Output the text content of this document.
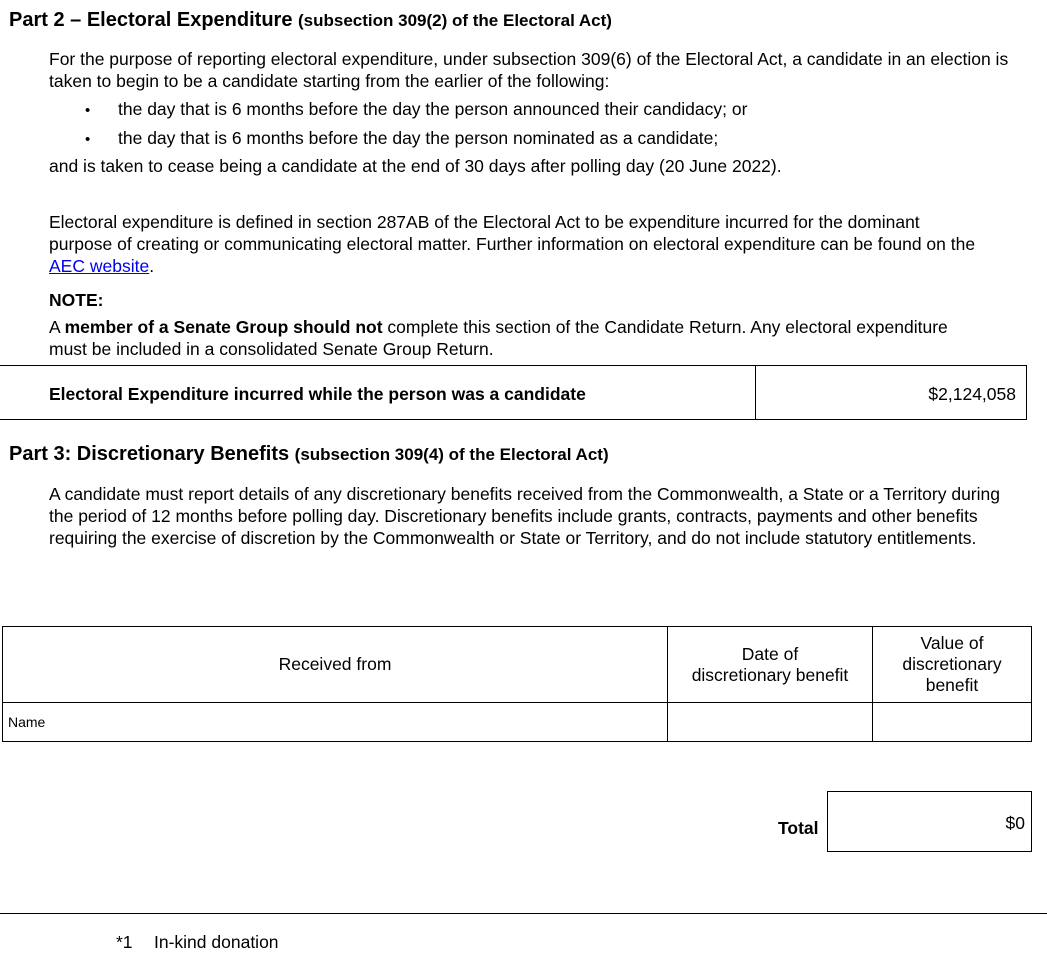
Part 2 – Electoral Expenditure (subsection 309(2) of the Electoral Act)
For the purpose of reporting electoral expenditure, under subsection 309(6) of the Electoral Act, a candidate in an election is taken to begin to be a candidate starting from the earlier of the following:
• the day that is 6 months before the day the person announced their candidacy; or
• the day that is 6 months before the day the person nominated as a candidate;
and is taken to cease being a candidate at the end of 30 days after polling day (20 June 2022).
Electoral expenditure is defined in section 287AB of the Electoral Act to be expenditure incurred for the dominant purpose of creating or communicating electoral matter. Further information on electoral expenditure can be found on the AEC website.
NOTE:
A member of a Senate Group should not complete this section of the Candidate Return. Any electoral expenditure must be included in a consolidated Senate Group Return.
Electoral Expenditure incurred while the person was a candidate	$2,124,058
Part 3: Discretionary Benefits (subsection 309(4) of the Electoral Act)
A candidate must report details of any discretionary benefits received from the Commonwealth, a State or a Territory during the period of 12 months before polling day. Discretionary benefits include grants, contracts, payments and other benefits requiring the exercise of discretion by the Commonwealth or State or Territory, and do not include statutory entitlements.
Received from	Date of discretionary benefit	Value of discretionary benefit
Name		
Total	$0
*1 In-kind donation
